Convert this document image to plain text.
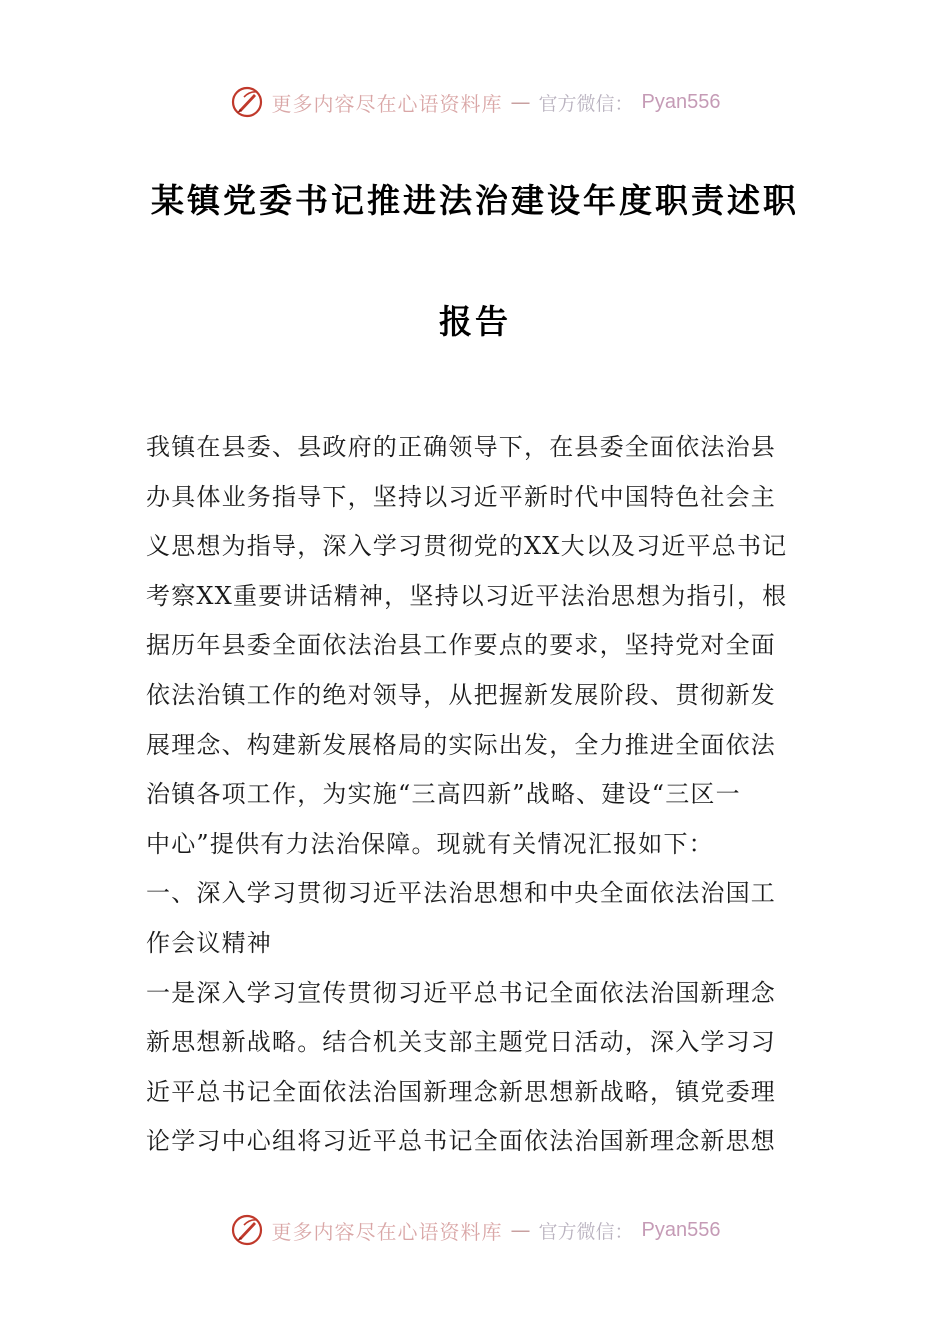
更多内容尽在心语资料库 — 官方微信： Pyan556
某镇党委书记推进法治建设年度职责述职
报告
我镇在县委、县政府的正确领导下，在县委全面依法治县
办具体业务指导下，坚持以习近平新时代中国特色社会主
义思想为指导，深入学习贯彻党的XX大以及习近平总书记
考察XX重要讲话精神，坚持以习近平法治思想为指引，根
据历年县委全面依法治县工作要点的要求，坚持党对全面
依法治镇工作的绝对领导，从把握新发展阶段、贯彻新发
展理念、构建新发展格局的实际出发，全力推进全面依法
治镇各项工作，为实施“三高四新”战略、建设“三区一
中心”提供有力法治保障。现就有关情况汇报如下：
一、深入学习贯彻习近平法治思想和中央全面依法治国工
作会议精神
一是深入学习宣传贯彻习近平总书记全面依法治国新理念
新思想新战略。结合机关支部主题党日活动，深入学习习
近平总书记全面依法治国新理念新思想新战略，镇党委理
论学习中心组将习近平总书记全面依法治国新理念新思想
更多内容尽在心语资料库 — 官方微信： Pyan556
